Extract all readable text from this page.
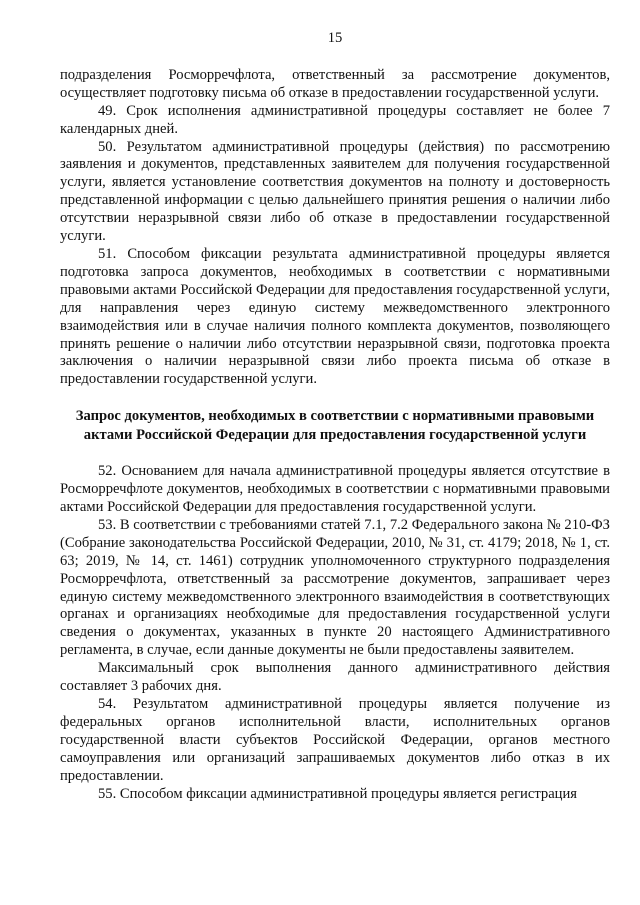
15

подразделения Росморречфлота, ответственный за рассмотрение документов, осуществляет подготовку письма об отказе в предоставлении государственной услуги.

49. Срок исполнения административной процедуры составляет не более 7 календарных дней.

50. Результатом административной процедуры (действия) по рассмотрению заявления и документов, представленных заявителем для получения государственной услуги, является установление соответствия документов на полноту и достоверность представленной информации с целью дальнейшего принятия решения о наличии либо отсутствии неразрывной связи либо об отказе в предоставлении государственной услуги.

51. Способом фиксации результата административной процедуры является подготовка запроса документов, необходимых в соответствии с нормативными правовыми актами Российской Федерации для предоставления государственной услуги, для направления через единую систему межведомственного электронного взаимодействия или в случае наличия полного комплекта документов, позволяющего принять решение о наличии либо отсутствии неразрывной связи, подготовка проекта заключения о наличии неразрывной связи либо проекта письма об отказе в предоставлении государственной услуги.

Запрос документов, необходимых в соответствии с нормативными правовыми актами Российской Федерации для предоставления государственной услуги

52. Основанием для начала административной процедуры является отсутствие в Росморречфлоте документов, необходимых в соответствии с нормативными правовыми актами Российской Федерации для предоставления государственной услуги.

53. В соответствии с требованиями статей 7.1, 7.2 Федерального закона № 210-ФЗ (Собрание законодательства Российской Федерации, 2010, № 31, ст. 4179; 2018, № 1, ст. 63; 2019, № 14, ст. 1461) сотрудник уполномоченного структурного подразделения Росморречфлота, ответственный за рассмотрение документов, запрашивает через единую систему межведомственного электронного взаимодействия в соответствующих органах и организациях необходимые для предоставления государственной услуги сведения о документах, указанных в пункте 20 настоящего Административного регламента, в случае, если данные документы не были предоставлены заявителем.

Максимальный срок выполнения данного административного действия составляет 3 рабочих дня.

54. Результатом административной процедуры является получение из федеральных органов исполнительной власти, исполнительных органов государственной власти субъектов Российской Федерации, органов местного самоуправления или организаций запрашиваемых документов либо отказ в их предоставлении.

55. Способом фиксации административной процедуры является регистрация
